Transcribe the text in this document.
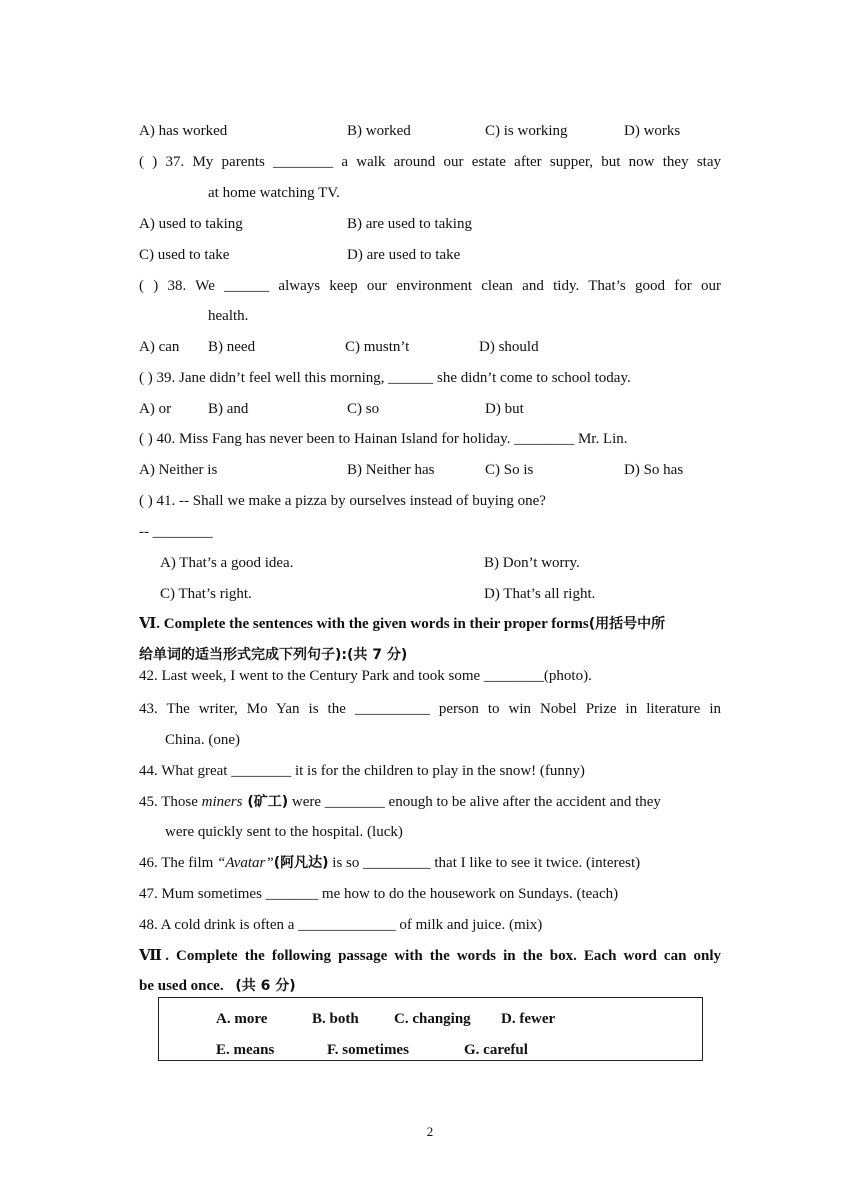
A) has worked	B) worked	C) is working	D) works
( ) 37. My parents ________ a walk around our estate after supper, but now they stay
at home watching TV.
A) used to taking	B) are used to taking
C) used to take	D) are used to take
( ) 38. We ______ always keep our environment clean and tidy. That’s good for our
health.
A) can B) need	C) mustn’t	D) should
( ) 39. Jane didn’t feel well this morning, ______ she didn’t come to school today.
A) or B) and	C) so	D) but
( ) 40. Miss Fang has never been to Hainan Island for holiday. ________ Mr. Lin.
A) Neither is	B) Neither has	C) So is	D) So has
( ) 41. -- Shall we make a pizza by ourselves instead of buying one?
-- ________
A) That’s a good idea.	B) Don’t worry.
C) That’s right.	D) That’s all right.
Ⅵ. Complete the sentences with the given words in their proper forms(用括号中所
给单词的适当形式完成下列句子):(共 7 分)
42. Last week, I went to the Century Park and took some ________(photo).
43. The writer, Mo Yan is the __________ person to win Nobel Prize in literature in
China. (one)
44. What great ________ it is for the children to play in the snow! (funny)
45. Those miners (矿工) were ________ enough to be alive after the accident and they
were quickly sent to the hospital. (luck)
46. The film “Avatar”(阿凡达) is so _________ that I like to see it twice. (interest)
47. Mum sometimes _______ me how to do the housework on Sundays. (teach)
48. A cold drink is often a _____________ of milk and juice. (mix)
Ⅶ. Complete the following passage with the words in the box. Each word can only
be used once. (共 6 分)
A. more	B. both C. changing D. fewer
E. means	F. sometimes	G. careful
2
